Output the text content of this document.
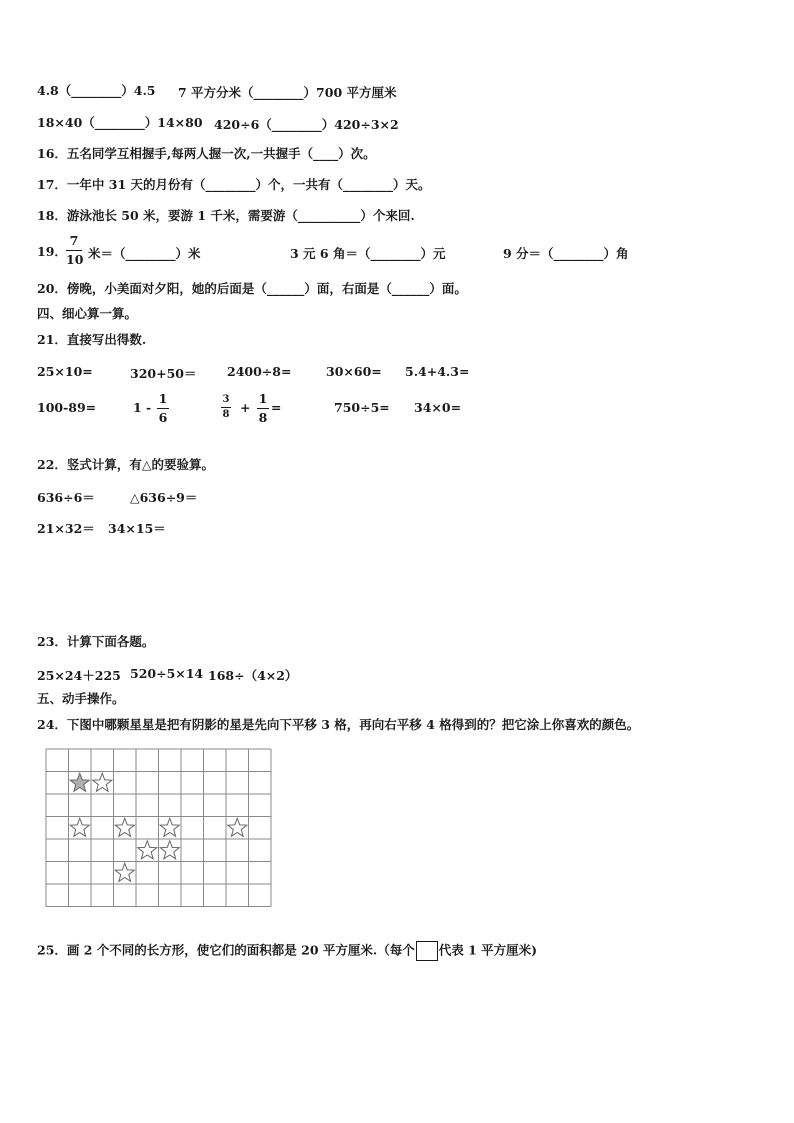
4.8（________）4.5 7 平方分米（________）700 平方厘米
18×40（________）14×80 420÷6（________）420÷3×2
16．五名同学互相握手,每两人握一次,一共握手（____）次。
17．一年中 31 天的月份有（________）个，一共有（________）天。
18．游泳池长 50 米，要游 1 千米，需要游（__________）个来回.
19．
7
10 米＝（________）米	3 元 6 角＝（________）元	9 分＝（________）角
20．傍晚，小美面对夕阳，她的后面是（______）面，右面是（______）面。
四、细心算一算。
21．直接写出得数.
25×10=	320+50＝ 2400÷8=	30×60= 5.4+4.3=
100-89=	1 -
1
6
3
8 +
1
8
=	750÷5= 34×0=
22．竖式计算，有△的要验算。
636÷6＝	△636÷9＝
21×32＝ 34×15＝
23．计算下面各题。
25×24＋225 520÷5×14 168÷（4×2）
五、动手操作。
24．下图中哪颗星星是把有阴影的星是先向下平移 3 格，再向右平移 4 格得到的？把它涂上你喜欢的颜色。
25．画 2 个不同的长方形，使它们的面积都是 20 平方厘米.（每个 代表 1 平方厘米)
